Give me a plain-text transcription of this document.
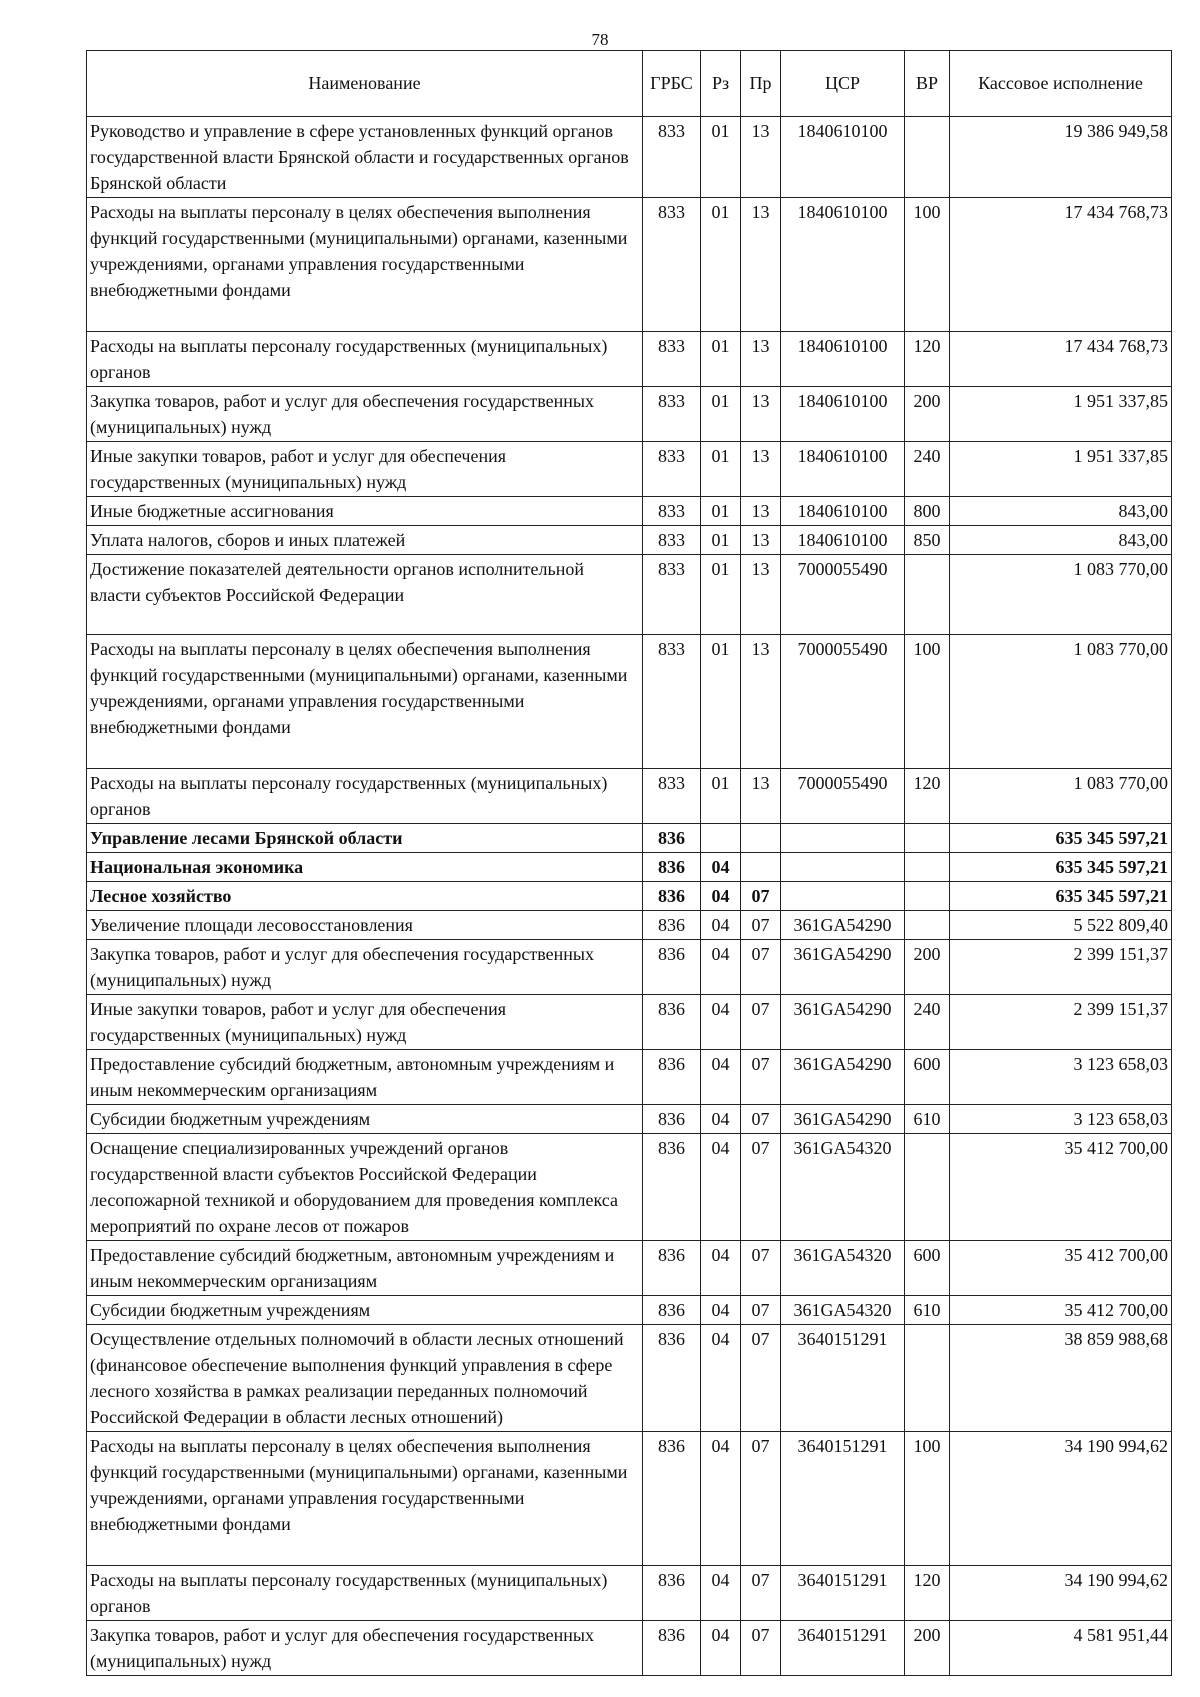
78
Наименование	ГРБС	Рз	Пр	ЦСР	ВР	Кассовое исполнение
Руководство и управление в сфере установленных функций органов государственной власти Брянской области и государственных органов Брянской области	833	01	13	1840610100		19 386 949,58
Расходы на выплаты персоналу в целях обеспечения выполнения функций государственными (муниципальными) органами, казенными учреждениями, органами управления государственными внебюджетными фондами	833	01	13	1840610100	100	17 434 768,73
Расходы на выплаты персоналу государственных (муниципальных) органов	833	01	13	1840610100	120	17 434 768,73
Закупка товаров, работ и услуг для обеспечения государственных (муниципальных) нужд	833	01	13	1840610100	200	1 951 337,85
Иные закупки товаров, работ и услуг для обеспечения государственных (муниципальных) нужд	833	01	13	1840610100	240	1 951 337,85
Иные бюджетные ассигнования	833	01	13	1840610100	800	843,00
Уплата налогов, сборов и иных платежей	833	01	13	1840610100	850	843,00
Достижение показателей деятельности органов исполнительной власти субъектов Российской Федерации	833	01	13	7000055490		1 083 770,00
Расходы на выплаты персоналу в целях обеспечения выполнения функций государственными (муниципальными) органами, казенными учреждениями, органами управления государственными внебюджетными фондами	833	01	13	7000055490	100	1 083 770,00
Расходы на выплаты персоналу государственных (муниципальных) органов	833	01	13	7000055490	120	1 083 770,00
Управление лесами Брянской области	836					635 345 597,21
Национальная экономика	836	04				635 345 597,21
Лесное хозяйство	836	04	07			635 345 597,21
Увеличение площади лесовосстановления	836	04	07	361GA54290		5 522 809,40
Закупка товаров, работ и услуг для обеспечения государственных (муниципальных) нужд	836	04	07	361GA54290	200	2 399 151,37
Иные закупки товаров, работ и услуг для обеспечения государственных (муниципальных) нужд	836	04	07	361GA54290	240	2 399 151,37
Предоставление субсидий бюджетным, автономным учреждениям и иным некоммерческим организациям	836	04	07	361GA54290	600	3 123 658,03
Субсидии бюджетным учреждениям	836	04	07	361GA54290	610	3 123 658,03
Оснащение специализированных учреждений органов государственной власти субъектов Российской Федерации лесопожарной техникой и оборудованием для проведения комплекса мероприятий по охране лесов от пожаров	836	04	07	361GA54320		35 412 700,00
Предоставление субсидий бюджетным, автономным учреждениям и иным некоммерческим организациям	836	04	07	361GA54320	600	35 412 700,00
Субсидии бюджетным учреждениям	836	04	07	361GA54320	610	35 412 700,00
Осуществление отдельных полномочий в области лесных отношений (финансовое обеспечение выполнения функций управления в сфере лесного хозяйства в рамках реализации переданных полномочий Российской Федерации в области лесных отношений)	836	04	07	3640151291		38 859 988,68
Расходы на выплаты персоналу в целях обеспечения выполнения функций государственными (муниципальными) органами, казенными учреждениями, органами управления государственными внебюджетными фондами	836	04	07	3640151291	100	34 190 994,62
Расходы на выплаты персоналу государственных (муниципальных) органов	836	04	07	3640151291	120	34 190 994,62
Закупка товаров, работ и услуг для обеспечения государственных (муниципальных) нужд	836	04	07	3640151291	200	4 581 951,44
